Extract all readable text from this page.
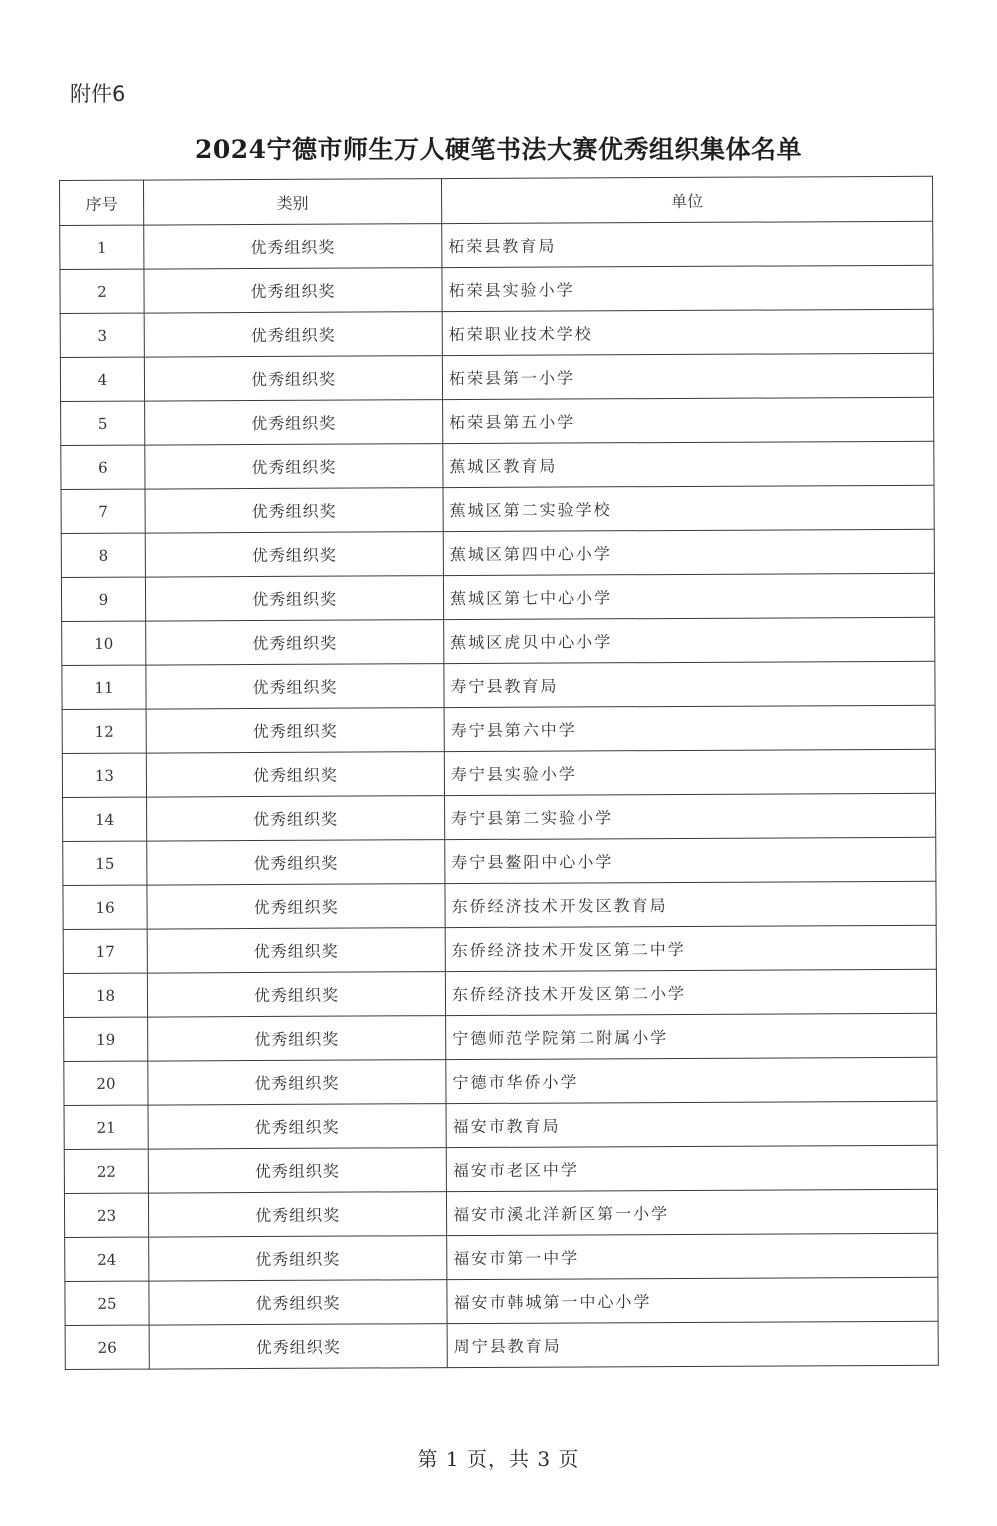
附件6
2024宁德市师生万人硬笔书法大赛优秀组织集体名单
序号	类别	单位
1	优秀组织奖	柘荣县教育局
2	优秀组织奖	柘荣县实验小学
3	优秀组织奖	柘荣职业技术学校
4	优秀组织奖	柘荣县第一小学
5	优秀组织奖	柘荣县第五小学
6	优秀组织奖	蕉城区教育局
7	优秀组织奖	蕉城区第二实验学校
8	优秀组织奖	蕉城区第四中心小学
9	优秀组织奖	蕉城区第七中心小学
10	优秀组织奖	蕉城区虎贝中心小学
11	优秀组织奖	寿宁县教育局
12	优秀组织奖	寿宁县第六中学
13	优秀组织奖	寿宁县实验小学
14	优秀组织奖	寿宁县第二实验小学
15	优秀组织奖	寿宁县鳌阳中心小学
16	优秀组织奖	东侨经济技术开发区教育局
17	优秀组织奖	东侨经济技术开发区第二中学
18	优秀组织奖	东侨经济技术开发区第二小学
19	优秀组织奖	宁德师范学院第二附属小学
20	优秀组织奖	宁德市华侨小学
21	优秀组织奖	福安市教育局
22	优秀组织奖	福安市老区中学
23	优秀组织奖	福安市溪北洋新区第一小学
24	优秀组织奖	福安市第一中学
25	优秀组织奖	福安市韩城第一中心小学
26	优秀组织奖	周宁县教育局
第 1 页，共 3 页
